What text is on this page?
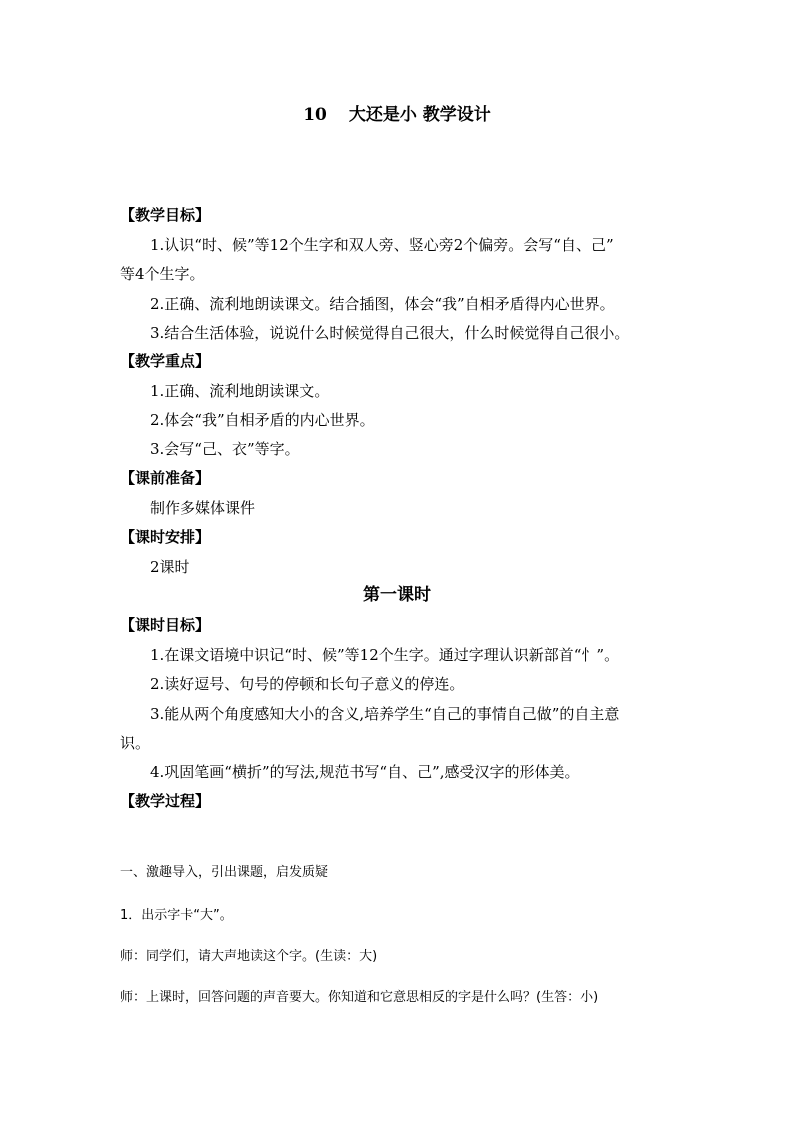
10 大还是小 教学设计
【教学目标】
1.认识“时、候”等12个生字和双人旁、竖心旁2个偏旁。会写“自、己”
等4个生字。
2.正确、流利地朗读课文。结合插图，体会“我”自相矛盾得内心世界。
3.结合生活体验，说说什么时候觉得自己很大，什么时候觉得自己很小。
【教学重点】
1.正确、流利地朗读课文。
2.体会“我”自相矛盾的内心世界。
3.会写“己、衣”等字。
【课前准备】
制作多媒体课件
【课时安排】
2课时
第一课时
【课时目标】
1.在课文语境中识记“时、候”等12个生字。通过字理认识新部首“忄”。
2.读好逗号、句号的停顿和长句子意义的停连。
3.能从两个角度感知大小的含义,培养学生“自己的事情自己做”的自主意
识。
4.巩固笔画“横折”的写法,规范书写“自、己”,感受汉字的形体美。
【教学过程】
一、激趣导入，引出课题，启发质疑
1．出示字卡“大”。
师：同学们，请大声地读这个字。(生读：大)
师：上课时，回答问题的声音要大。你知道和它意思相反的字是什么吗？(生答：小)
